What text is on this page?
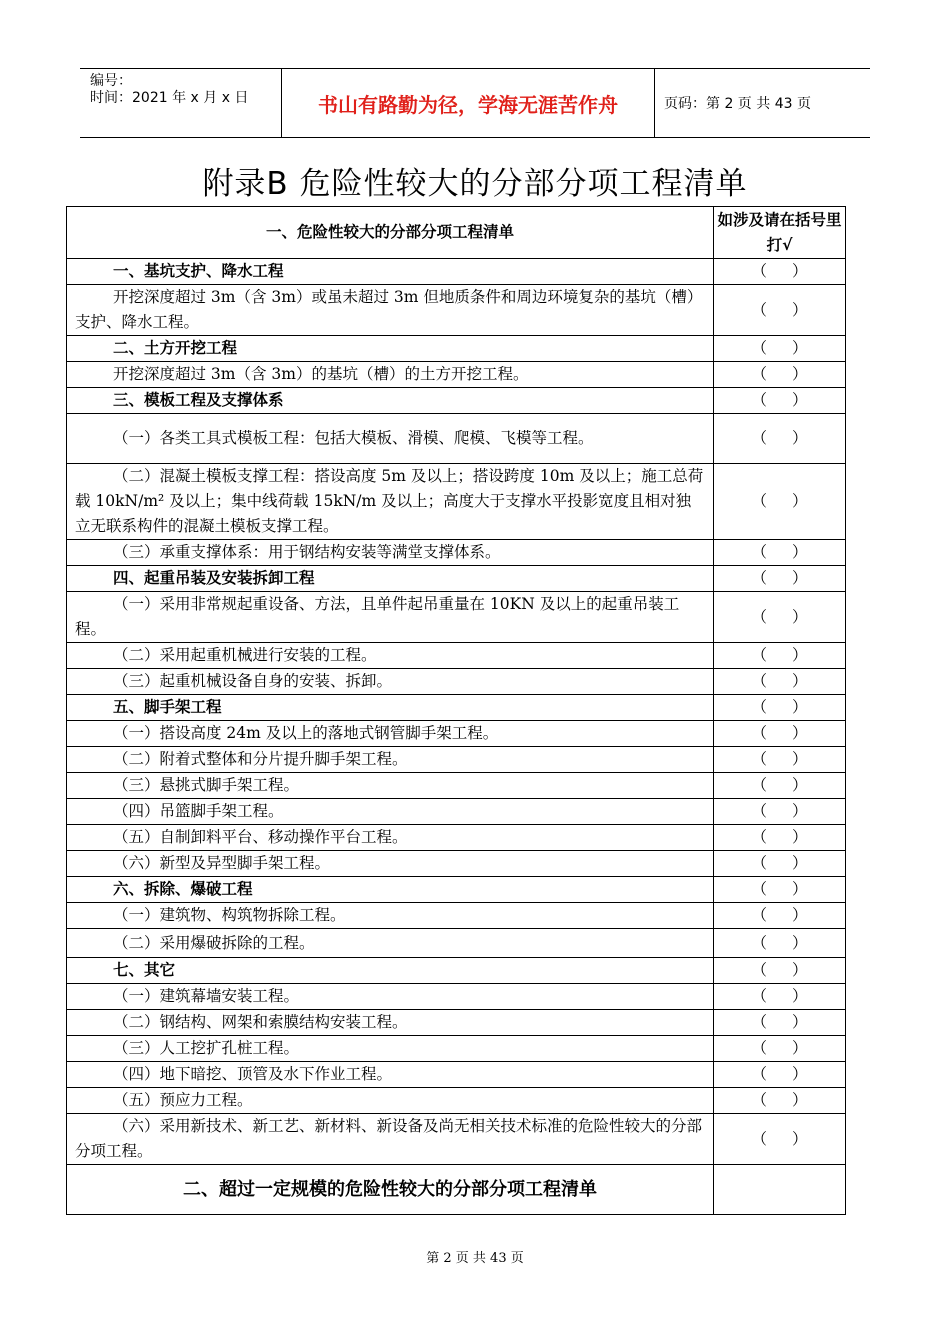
编号：
时间：2021 年 x 月 x 日	书山有路勤为径，学海无涯苦作舟	页码：第 2 页 共 43 页
附录B 危险性较大的分部分项工程清单
一、危险性较大的分部分项工程清单	如涉及请在括号里打√
一、基坑支护、降水工程	（ ）
开挖深度超过 3m（含 3m）或虽未超过 3m 但地质条件和周边环境复杂的基坑（槽）支护、降水工程。	（ ）
二、土方开挖工程	（ ）
开挖深度超过 3m（含 3m）的基坑（槽）的土方开挖工程。	（ ）
三、模板工程及支撑体系	（ ）
（一）各类工具式模板工程：包括大模板、滑模、爬模、飞模等工程。	（ ）
（二）混凝土模板支撑工程：搭设高度 5m 及以上；搭设跨度 10m 及以上；施工总荷载 10kN/m² 及以上；集中线荷载 15kN/m 及以上；高度大于支撑水平投影宽度且相对独立无联系构件的混凝土模板支撑工程。	（ ）
（三）承重支撑体系：用于钢结构安装等满堂支撑体系。	（ ）
四、起重吊装及安装拆卸工程	（ ）
（一）采用非常规起重设备、方法，且单件起吊重量在 10KN 及以上的起重吊装工程。	（ ）
（二）采用起重机械进行安装的工程。	（ ）
（三）起重机械设备自身的安装、拆卸。	（ ）
五、脚手架工程	（ ）
（一）搭设高度 24m 及以上的落地式钢管脚手架工程。	（ ）
（二）附着式整体和分片提升脚手架工程。	（ ）
（三）悬挑式脚手架工程。	（ ）
（四）吊篮脚手架工程。	（ ）
（五）自制卸料平台、移动操作平台工程。	（ ）
（六）新型及异型脚手架工程。	（ ）
六、拆除、爆破工程	（ ）
（一）建筑物、构筑物拆除工程。	（ ）
（二）采用爆破拆除的工程。	（ ）
七、其它	（ ）
（一）建筑幕墙安装工程。	（ ）
（二）钢结构、网架和索膜结构安装工程。	（ ）
（三）人工挖扩孔桩工程。	（ ）
（四）地下暗挖、顶管及水下作业工程。	（ ）
（五）预应力工程。	（ ）
（六）采用新技术、新工艺、新材料、新设备及尚无相关技术标准的危险性较大的分部分项工程。	（ ）
二、超过一定规模的危险性较大的分部分项工程清单	
第 2 页 共 43 页
